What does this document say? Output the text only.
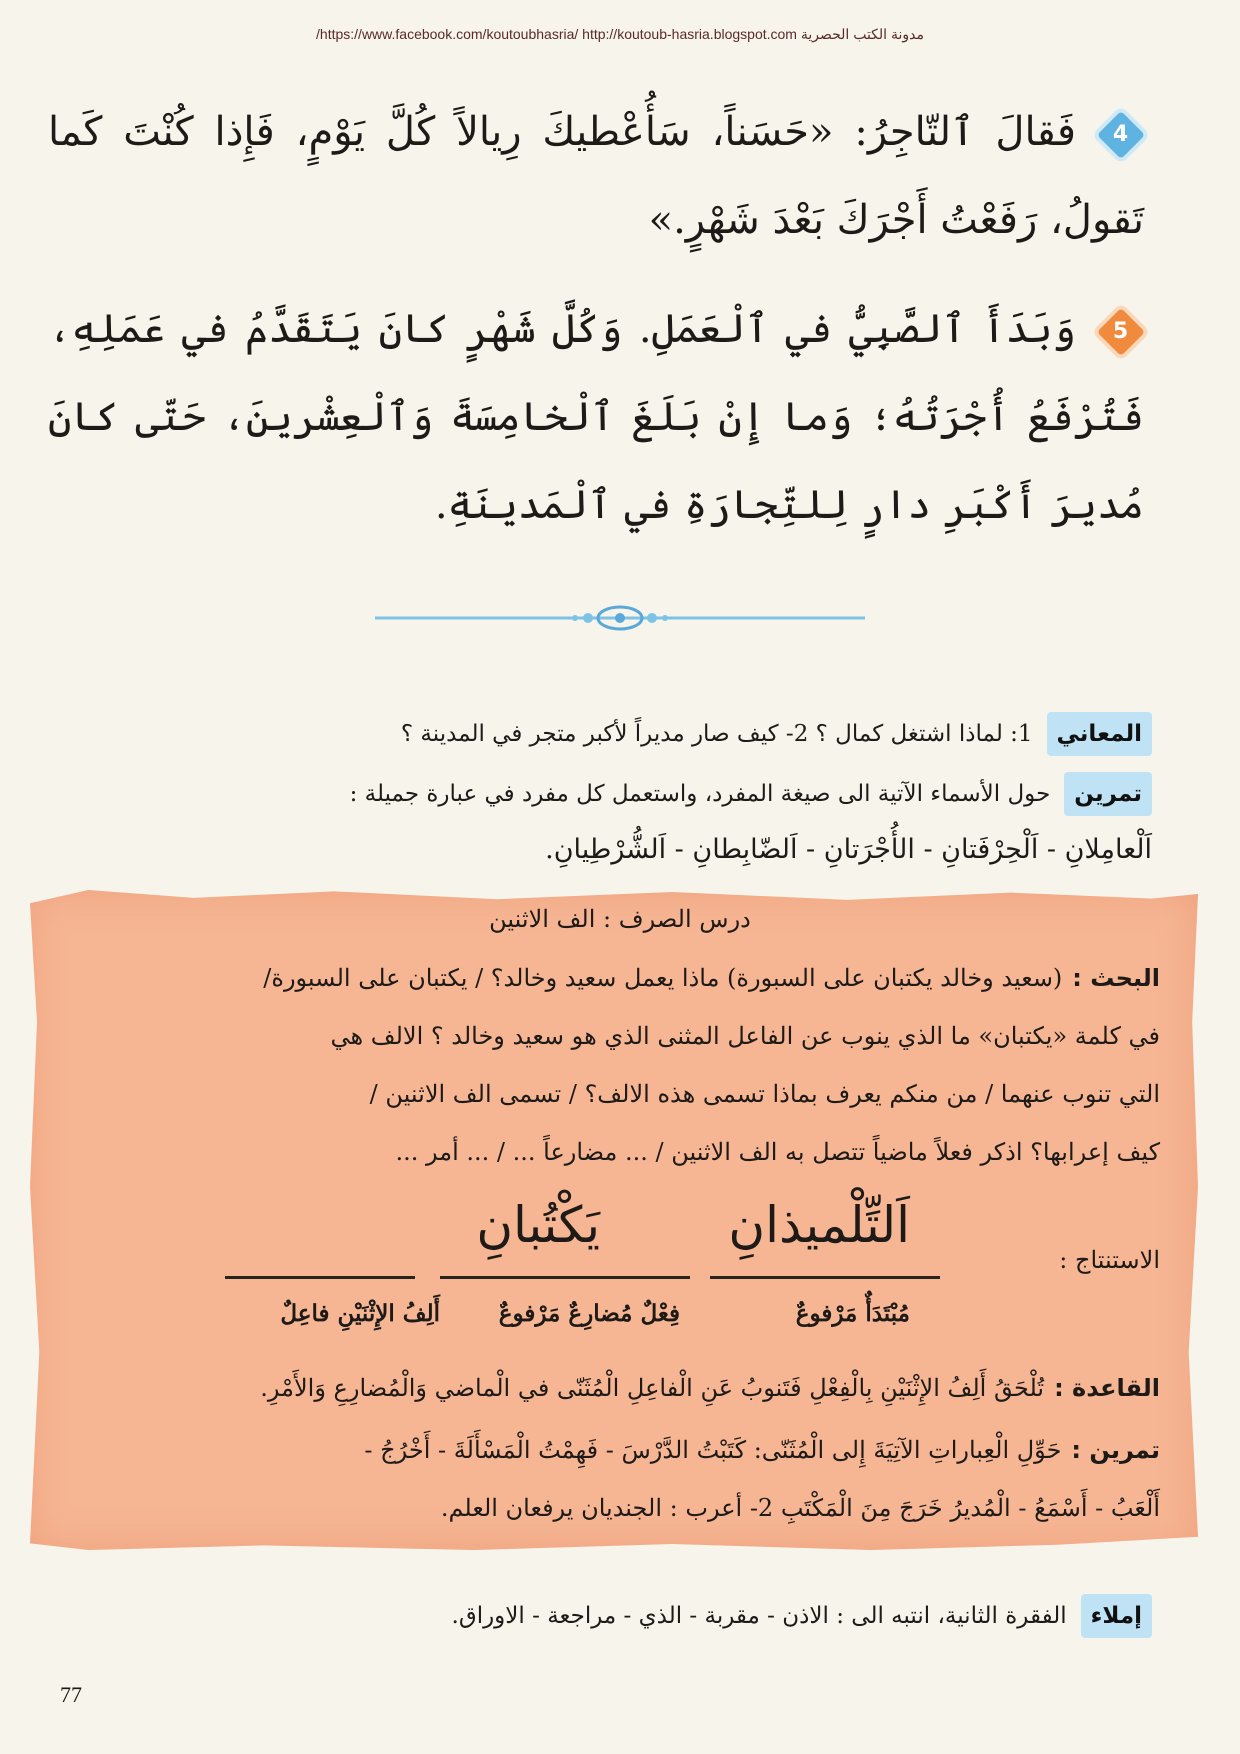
/https://www.facebook.com/koutoubhasria/ http://koutoub-hasria.blogspot.com مدونة الكتب الحصرية
4
فَقالَ ٱلتّاجِرُ: «حَسَناً، سَأُعْطيكَ رِيالاً كُلَّ يَوْمٍ، فَإِذا كُنْتَ كَما تَقولُ، رَفَعْتُ أَجْرَكَ بَعْدَ شَهْرٍ.»
5
وَبَدَأَ ٱلصَّبِيُّ في ٱلْعَمَلِ. وَكُلَّ شَهْرٍ كانَ يَتَقَدَّمُ في عَمَلِهِ، فَتُرْفَعُ أُجْرَتُهُ؛ وَما إِنْ بَلَغَ ٱلْخامِسَةَ وَٱلْعِشْرينَ، حَتّى كانَ مُديرَ أَكْبَرِ دارٍ لِلتِّجارَةِ في ٱلْمَدينَةِ.
المعاني1: لماذا اشتغل كمال ؟ 2- كيف صار مديراً لأكبر متجر في المدينة ؟
تمرينحول الأسماء الآتية الى صيغة المفرد، واستعمل كل مفرد في عبارة جميلة :
اَلْعامِلانِ - اَلْحِرْفَتانِ - الأُجْرَتانِ - اَلضّابِطانِ - اَلشُّرْطِيانِ.
درس الصرف : الف الاثنين
البحث :(سعيد وخالد يكتبان على السبورة) ماذا يعمل سعيد وخالد؟ / يكتبان على السبورة/
في كلمة «يكتبان» ما الذي ينوب عن الفاعل المثنى الذي هو سعيد وخالد ؟ الالف هي
التي تنوب عنهما / من منكم يعرف بماذا تسمى هذه الالف؟ / تسمى الف الاثنين /
كيف إعرابها؟ اذكر فعلاً ماضياً تتصل به الف الاثنين / ... مضارعاً ... / ... أمر ...
الاستنتاج :
اَلتِّلْميذانِ
يَكْتُبانِ
مُبْتَدَأٌ مَرْفوعٌ
فِعْلٌ مُضارِعٌ مَرْفوعٌ
أَلِفُ الإِثْنَيْنِ فاعِلٌ
القاعدة :تُلْحَقُ أَلِفُ الإِثْنَيْنِ بِالْفِعْلِ فَتَنوبُ عَنِ الْفاعِلِ الْمُثَنّى في الْماضي وَالْمُضارِعِ وَالأَمْرِ.
تمرين :حَوِّلِ الْعِباراتِ الآتِيَةَ إِلى الْمُثَنّى: كَتَبْتُ الدَّرْسَ - فَهِمْتُ الْمَسْأَلَةَ - أَخْرُجُ -
أَلْعَبُ - أَسْمَعُ - الْمُديرُ خَرَجَ مِنَ الْمَكْتَبِ 2- أعرب : الجنديان يرفعان العلم.
إملاءالفقرة الثانية، انتبه الى : الاذن - مقربة - الذي - مراجعة - الاوراق.
77
